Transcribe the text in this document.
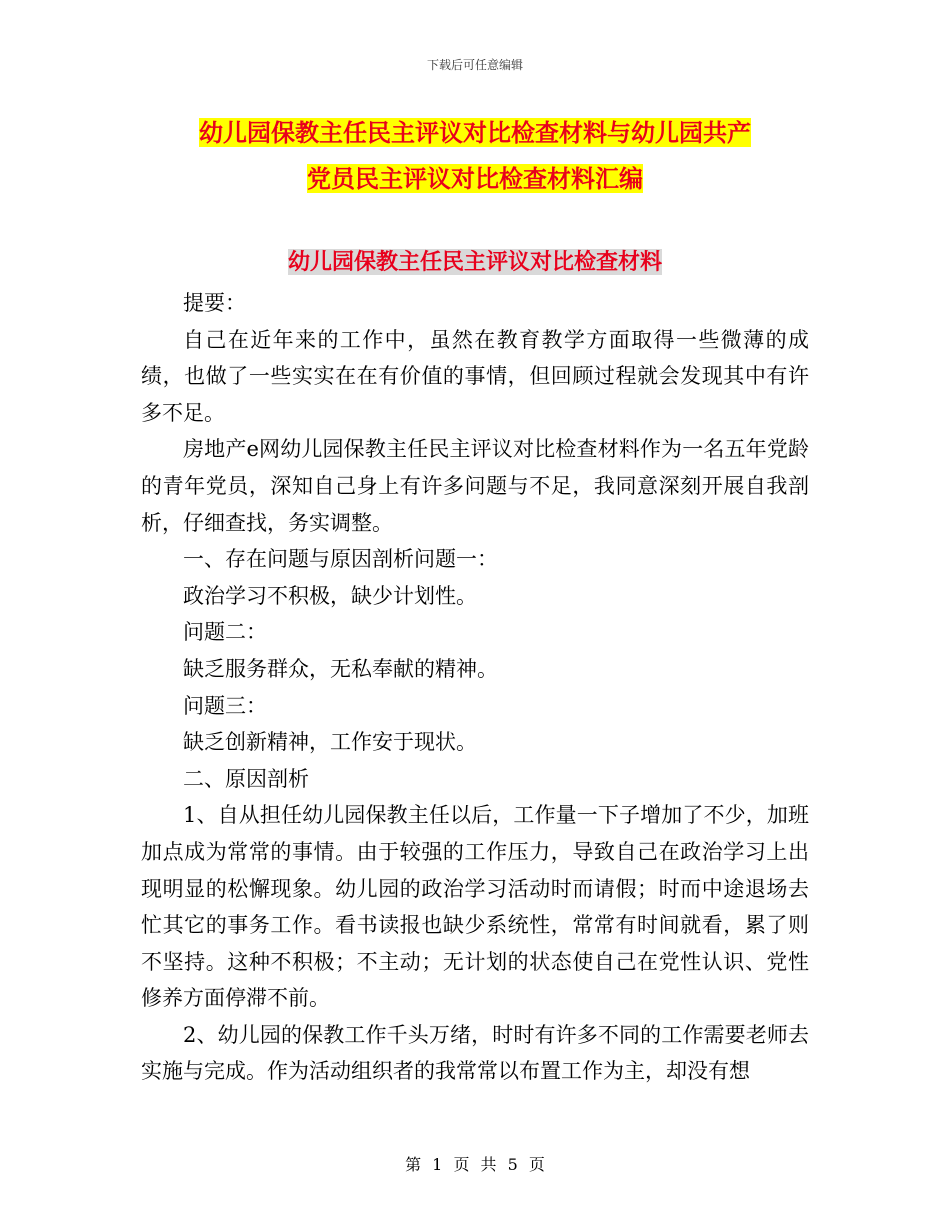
下载后可任意编辑
幼儿园保教主任民主评议对比检查材料与幼儿园共产
党员民主评议对比检查材料汇编
幼儿园保教主任民主评议对比检查材料

提要：

自己在近年来的工作中，虽然在教育教学方面取得一些微薄的成绩，也做了一些实实在在有价值的事情，但回顾过程就会发现其中有许多不足。

房地产e网幼儿园保教主任民主评议对比检查材料作为一名五年党龄的青年党员，深知自己身上有许多问题与不足，我同意深刻开展自我剖析，仔细查找，务实调整。

一、存在问题与原因剖析问题一：

政治学习不积极，缺少计划性。

问题二：

缺乏服务群众，无私奉献的精神。

问题三：

缺乏创新精神，工作安于现状。

二、原因剖析

1、自从担任幼儿园保教主任以后，工作量一下子增加了不少，加班加点成为常常的事情。由于较强的工作压力，导致自己在政治学习上出现明显的松懈现象。幼儿园的政治学习活动时而请假；时而中途退场去忙其它的事务工作。看书读报也缺少系统性，常常有时间就看，累了则不坚持。这种不积极；不主动；无计划的状态使自己在党性认识、党性修养方面停滞不前。

2、幼儿园的保教工作千头万绪，时时有许多不同的工作需要老师去实施与完成。作为活动组织者的我常常以布置工作为主，却没有想

第 1 页 共 5 页
